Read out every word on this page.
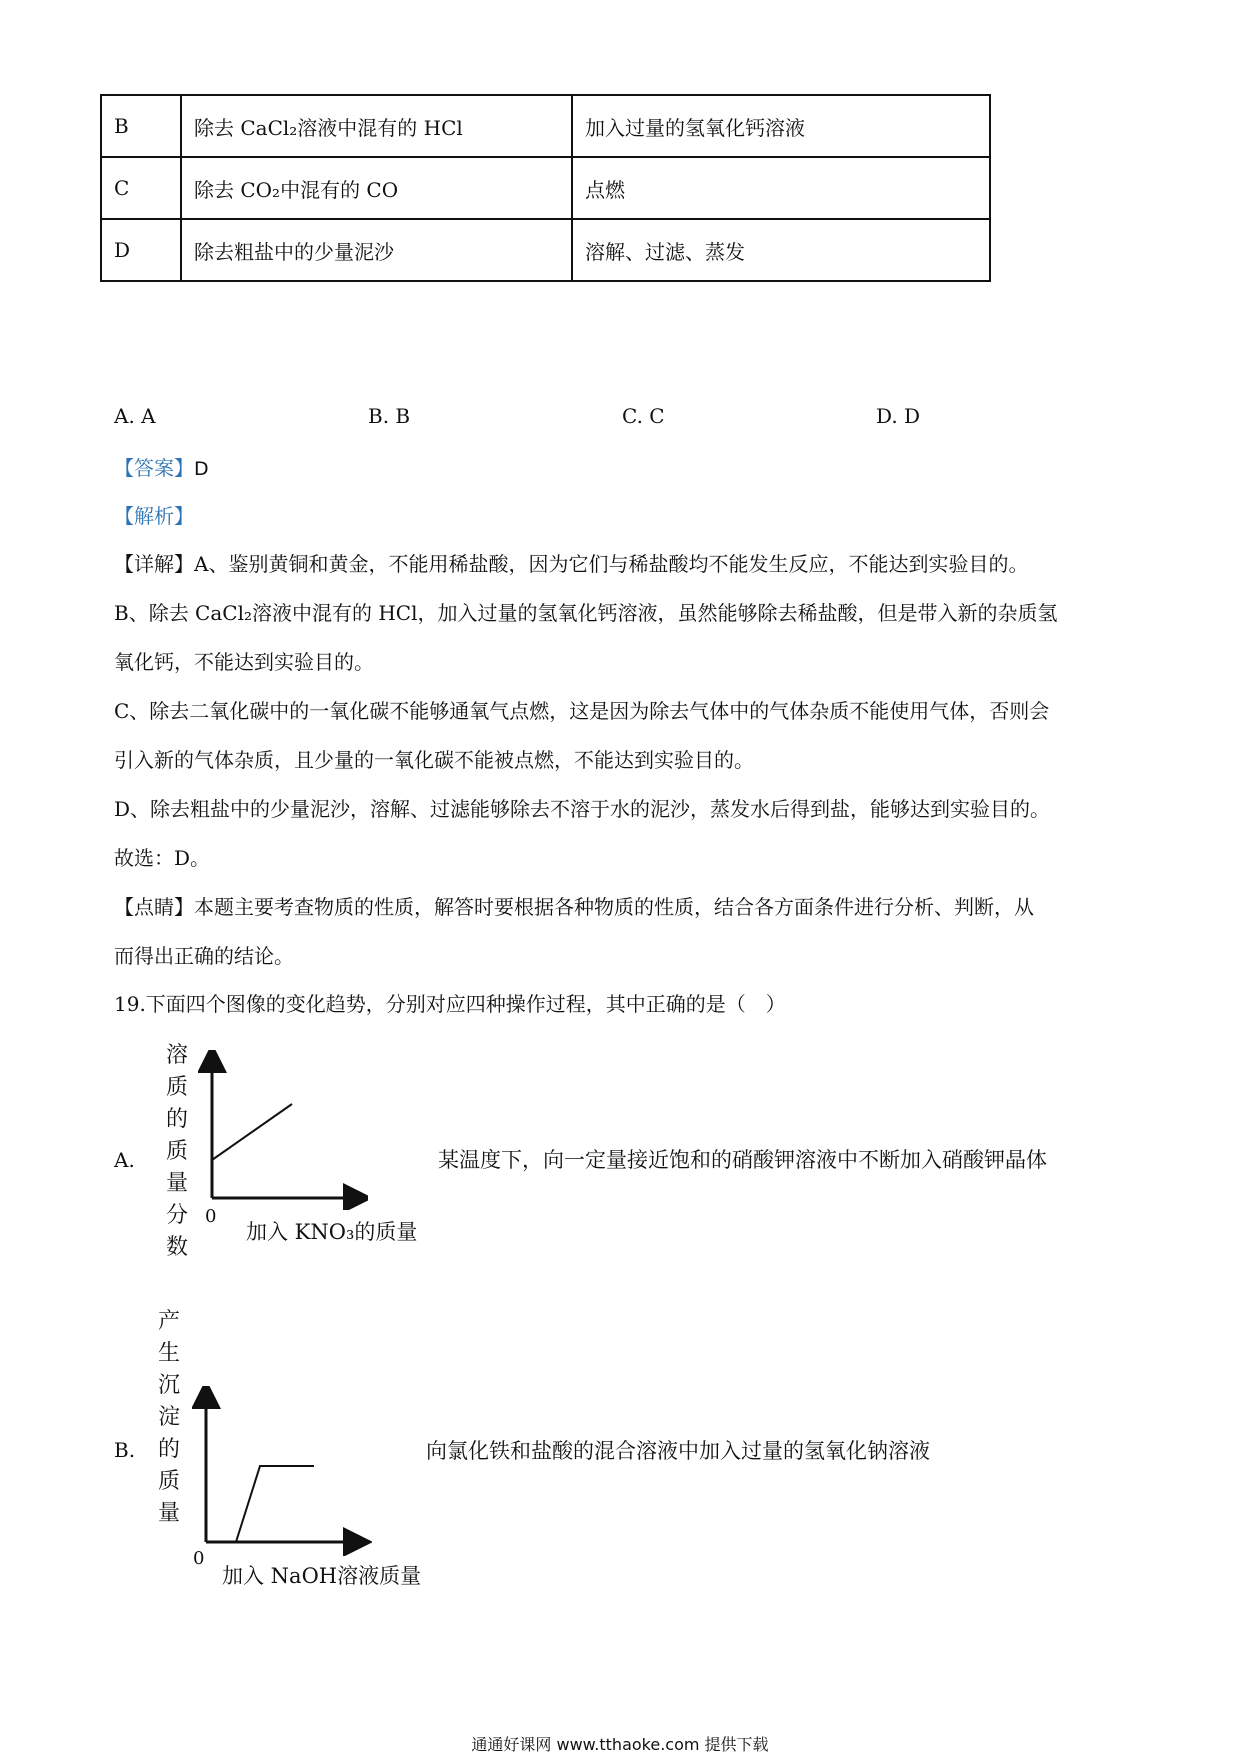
B	除去 CaCl₂溶液中混有的 HCl	加入过量的氢氧化钙溶液
C	除去 CO₂中混有的 CO	点燃
D	除去粗盐中的少量泥沙	溶解、过滤、蒸发
A. A	B. B	C. C	D. D
【答案】D
【解析】
【详解】A、鉴别黄铜和黄金，不能用稀盐酸，因为它们与稀盐酸均不能发生反应，不能达到实验目的。
B、除去 CaCl₂溶液中混有的 HCl，加入过量的氢氧化钙溶液，虽然能够除去稀盐酸，但是带入新的杂质氢
氧化钙，不能达到实验目的。
C、除去二氧化碳中的一氧化碳不能够通氧气点燃，这是因为除去气体中的气体杂质不能使用气体，否则会
引入新的气体杂质，且少量的一氧化碳不能被点燃，不能达到实验目的。
D、除去粗盐中的少量泥沙，溶解、过滤能够除去不溶于水的泥沙，蒸发水后得到盐，能够达到实验目的。
故选：D。
【点睛】本题主要考查物质的性质，解答时要根据各种物质的性质，结合各方面条件进行分析、判断，从
而得出正确的结论。
19.下面四个图像的变化趋势，分别对应四种操作过程，其中正确的是（　）
A.
溶
质
的
质
量
分
数
0
加入 KNO₃的质量
某温度下，向一定量接近饱和的硝酸钾溶液中不断加入硝酸钾晶体
B.
产
生
沉
淀
的
质
量
0
加入 NaOH溶液质量
向氯化铁和盐酸的混合溶液中加入过量的氢氧化钠溶液
通通好课网 www.tthaoke.com 提供下载
